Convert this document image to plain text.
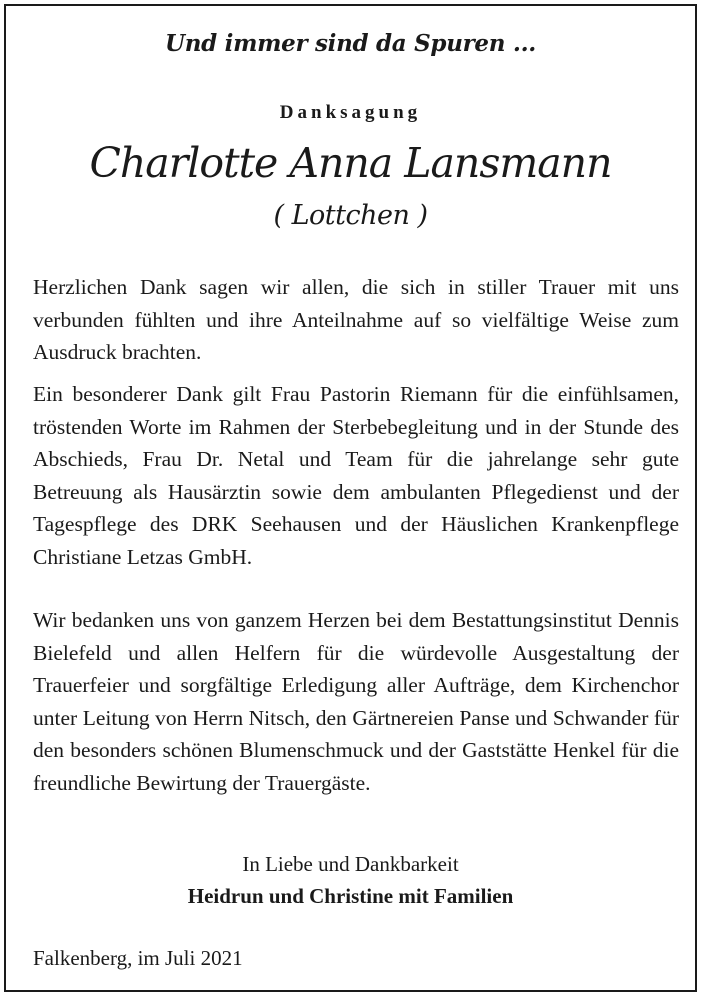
Und immer sind da Spuren ...
Danksagung
Charlotte Anna Lansmann
( Lottchen )

Herzlichen Dank sagen wir allen, die sich in stiller Trauer mit uns verbunden fühlten und ihre Anteilnahme auf so vielfältige Weise zum Ausdruck brachten.

Ein besonderer Dank gilt Frau Pastorin Riemann für die einfühlsamen, tröstenden Worte im Rahmen der Sterbebegleitung und in der Stunde des Abschieds, Frau Dr. Netal und Team für die jahrelange sehr gute Betreuung als Hausärztin sowie dem ambulanten Pflegedienst und der Tagespflege des DRK Seehausen und der Häuslichen Krankenpflege Christiane Letzas GmbH.

Wir bedanken uns von ganzem Herzen bei dem Bestattungsinstitut Dennis Bielefeld und allen Helfern für die würdevolle Ausgestaltung der Trauerfeier und sorgfältige Erledigung aller Aufträge, dem Kirchenchor unter Leitung von Herrn Nitsch, den Gärtnereien Panse und Schwander für den besonders schönen Blumenschmuck und der Gaststätte Henkel für die freundliche Bewirtung der Trauergäste.

In Liebe und Dankbarkeit
Heidrun und Christine mit Familien
Falkenberg, im Juli 2021
